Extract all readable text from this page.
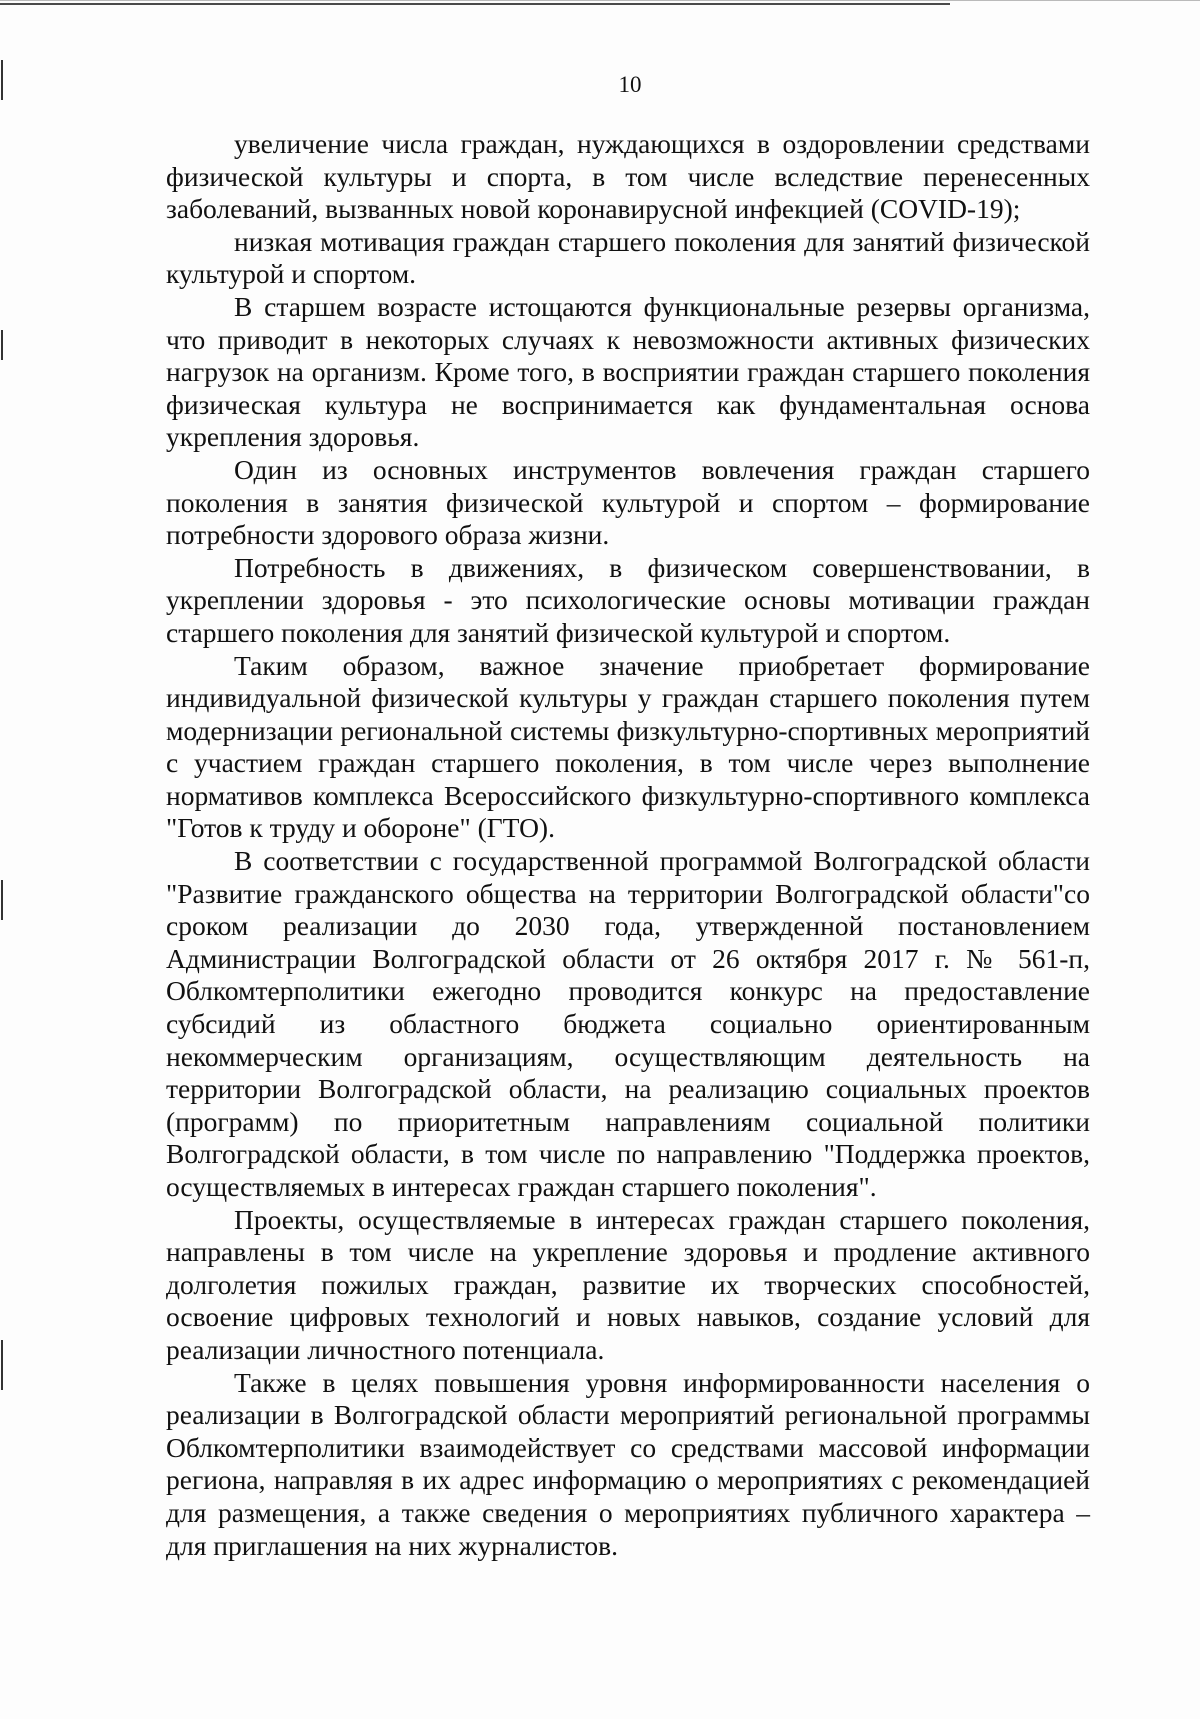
10

увеличение числа граждан, нуждающихся в оздоровлении средствами физической культуры и спорта, в том числе вследствие перенесенных заболеваний, вызванных новой коронавирусной инфекцией (COVID-19);

низкая мотивация граждан старшего поколения для занятий физической культурой и спортом.

В старшем возрасте истощаются функциональные резервы организма, что приводит в некоторых случаях к невозможности активных физических нагрузок на организм. Кроме того, в восприятии граждан старшего поколения физическая культура не воспринимается как фундаментальная основа укрепления здоровья.

Один из основных инструментов вовлечения граждан старшего поколения в занятия физической культурой и спортом – формирование потребности здорового образа жизни.

Потребность в движениях, в физическом совершенствовании, в укреплении здоровья - это психологические основы мотивации граждан старшего поколения для занятий физической культурой и спортом.

Таким образом, важное значение приобретает формирование индивидуальной физической культуры у граждан старшего поколения путем модернизации региональной системы физкультурно-спортивных мероприятий с участием граждан старшего поколения, в том числе через выполнение нормативов комплекса Всероссийского физкультурно-спортивного комплекса "Готов к труду и обороне" (ГТО).

В соответствии с государственной программой Волгоградской области "Развитие гражданского общества на территории Волгоградской области"со сроком реализации до 2030 года, утвержденной постановлением Администрации Волгоградской области от 26 октября 2017 г. № 561-п, Облкомтерполитики ежегодно проводится конкурс на предоставление субсидий из областного бюджета социально ориентированным некоммерческим организациям, осуществляющим деятельность на территории Волгоградской области, на реализацию социальных проектов (программ) по приоритетным направлениям социальной политики Волгоградской области, в том числе по направлению "Поддержка проектов, осуществляемых в интересах граждан старшего поколения".

Проекты, осуществляемые в интересах граждан старшего поколения, направлены в том числе на укрепление здоровья и продление активного долголетия пожилых граждан, развитие их творческих способностей, освоение цифровых технологий и новых навыков, создание условий для реализации личностного потенциала.

Также в целях повышения уровня информированности населения о реализации в Волгоградской области мероприятий региональной программы Облкомтерполитики взаимодействует со средствами массовой информации региона, направляя в их адрес информацию о мероприятиях с рекомендацией для размещения, а также сведения о мероприятиях публичного характера – для приглашения на них журналистов.
